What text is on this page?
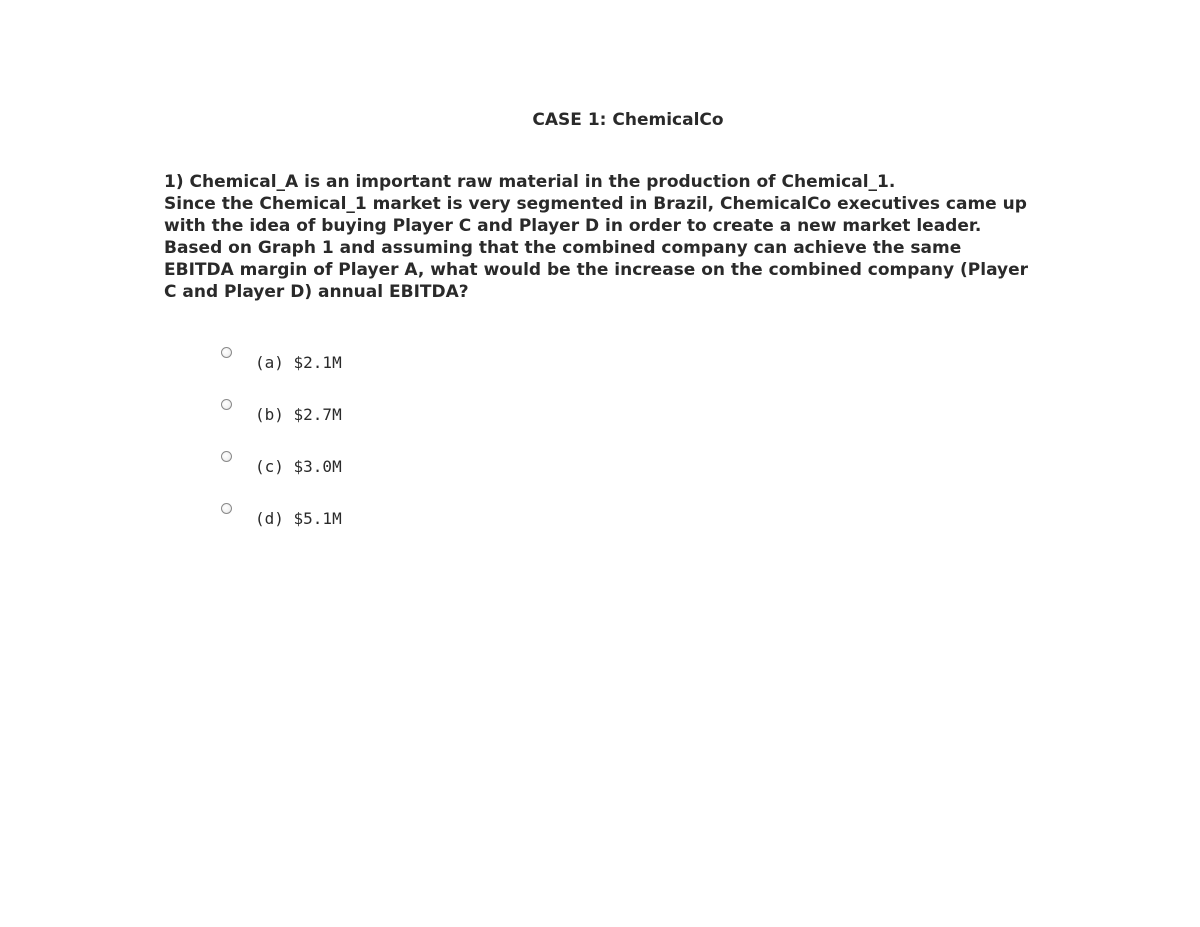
CASE 1: ChemicalCo
1) Chemical_A is an important raw material in the production of Chemical_1.
Since the Chemical_1 market is very segmented in Brazil, ChemicalCo executives came up
with the idea of buying Player C and Player D in order to create a new market leader.
Based on Graph 1 and assuming that the combined company can achieve the same
EBITDA margin of Player A, what would be the increase on the combined company (Player
C and Player D) annual EBITDA?
(a) $2.1M
(b) $2.7M
(c) $3.0M
(d) $5.1M
